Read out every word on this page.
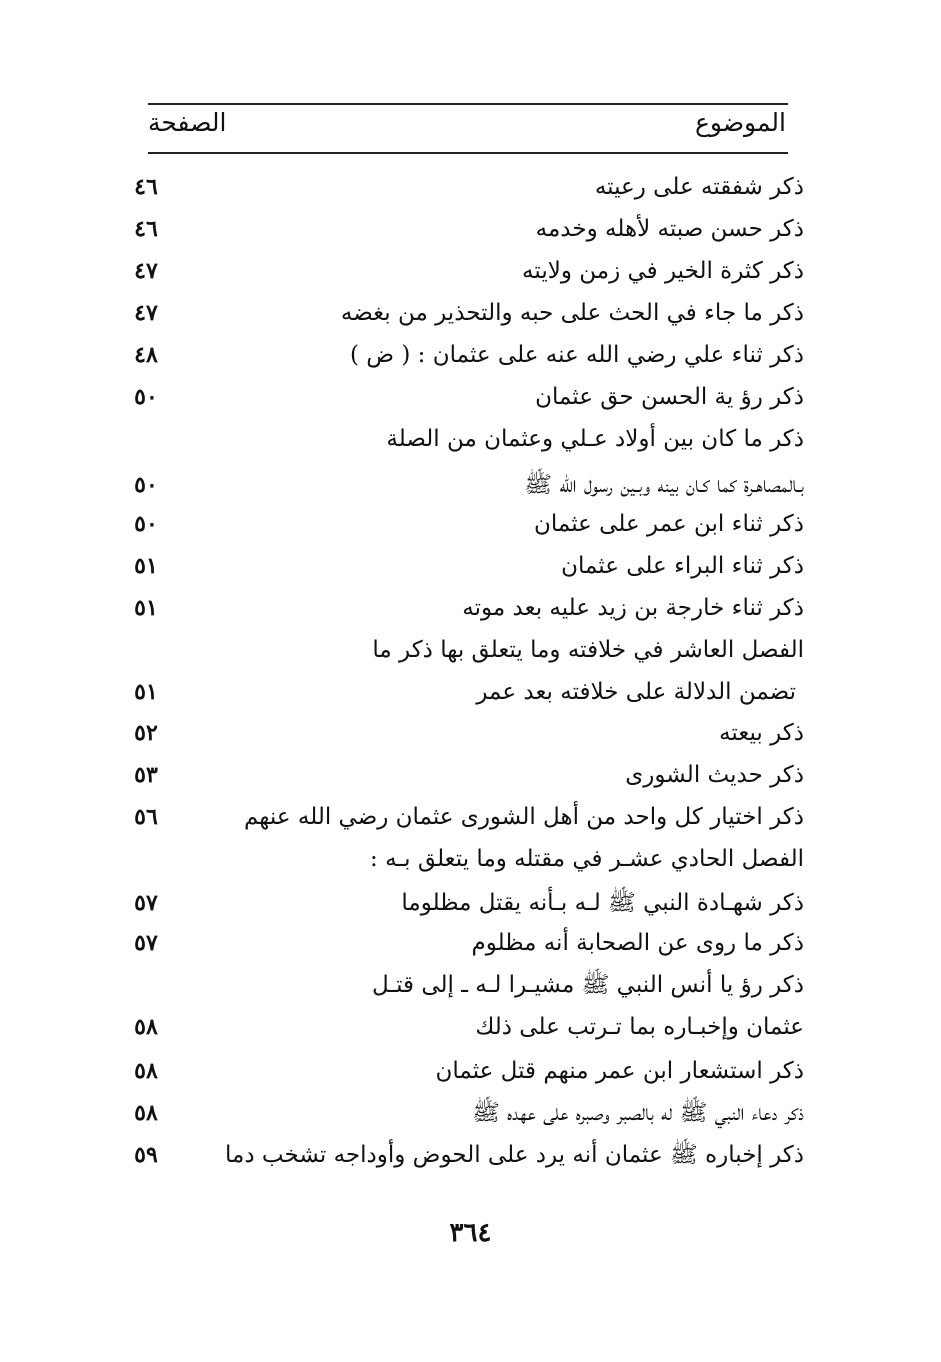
الموضوع
الصفحة
ذكر شفقته على رعيته
٤٦
ذكر حسن صبته لأهله وخدمه
٤٦
ذكر كثرة الخير في زمن ولايته
٤٧
ذكر ما جاء في الحث على حبه والتحذير من بغضه
٤٧
ذكر ثناء علي رضي الله عنه على عثمان : ( ض )
٤٨
ذكر رؤ ية الحسن حق عثمان
٥٠
ذكر ما كان بين أولاد عـلي وعثمان من الصلة
بـالمصاهـرة كما كـان بينه وبـين رسول الله ﷺ
٥٠
ذكر ثناء ابن عمر على عثمان
٥٠
ذكر ثناء البراء على عثمان
٥١
ذكر ثناء خارجة بن زيد عليه بعد موته
٥١
الفصل العاشر في خلافته وما يتعلق بها ذكر ما
تضمن الدلالة على خلافته بعد عمر
٥١
ذكر بيعته
٥٢
ذكر حديث الشورى
٥٣
ذكر اختيار كل واحد من أهل الشورى عثمان رضي الله عنهم
٥٦
الفصل الحادي عشـر في مقتله وما يتعلق بـه :
ذكر شهـادة النبي ﷺ لـه بـأنه يقتل مظلوما
٥٧
ذكر ما روى عن الصحابة أنه مظلوم
٥٧
ذكر رؤ يا أنس النبي ﷺ مشيـرا لـه ـ إلى قتـل
عثمان وإخبـاره بما تـرتب على ذلك
٥٨
ذكر استشعار ابن عمر منهم قتل عثمان
٥٨
ذكر دعاء النبي ﷺ له بالصبر وصبره على عهده ﷺ
٥٨
ذكر إخباره ﷺ عثمان أنه يرد على الحوض وأوداجه تشخب دما
٥٩
٣٦٤
